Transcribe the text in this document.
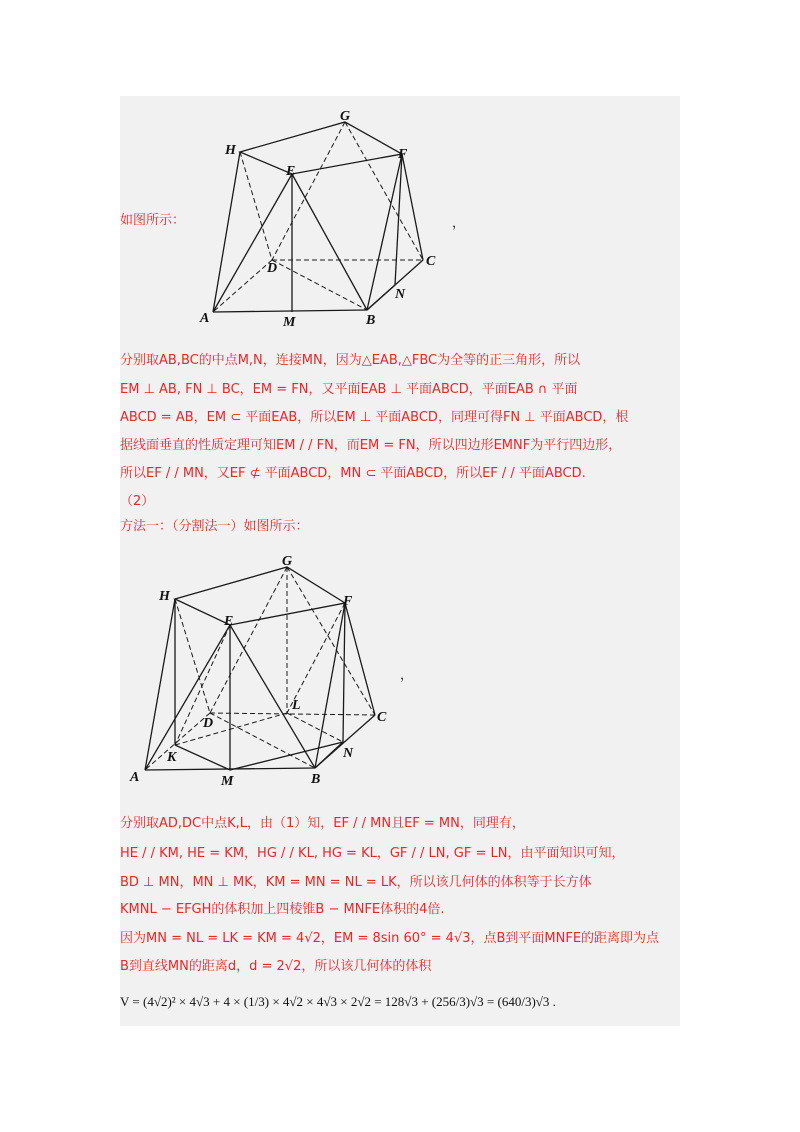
如图所示：	，
G
H	F
E
D	C
N
A	M	B
分别取AB,BC的中点M,N，连接MN，因为△EAB,△FBC为全等的正三角形，所以
EM ⊥ AB, FN ⊥ BC，EM = FN，又平面EAB ⊥ 平面ABCD，平面EAB ∩ 平面
ABCD = AB，EM ⊂ 平面EAB，所以EM ⊥ 平面ABCD，同理可得FN ⊥ 平面ABCD，根
据线面垂直的性质定理可知EM / / FN，而EM = FN，所以四边形EMNF为平行四边形，
所以EF / / MN，又EF ⊄ 平面ABCD，MN ⊂ 平面ABCD，所以EF / / 平面ABCD.
（2）
方法一：（分割法一）如图所示：
G
H	F
E
L
D	C
K	N
A	M	B
，
分别取AD,DC中点K,L，由（1）知，EF / / MN且EF = MN，同理有，
HE / / KM, HE = KM，HG / / KL, HG = KL，GF / / LN, GF = LN，由平面知识可知，
BD ⊥ MN，MN ⊥ MK，KM = MN = NL = LK，所以该几何体的体积等于长方体
KMNL − EFGH的体积加上四棱锥B − MNFE体积的4倍.
因为MN = NL = LK = KM = 4√2，EM = 8sin 60° = 4√3，点B到平面MNFE的距离即为点
B到直线MN的距离d，d = 2√2，所以该几何体的体积
V = (4√2)² × 4√3 + 4 × (1/3) × 4√2 × 4√3 × 2√2 = 128√3 + (256/3)√3 = (640/3)√3 .
